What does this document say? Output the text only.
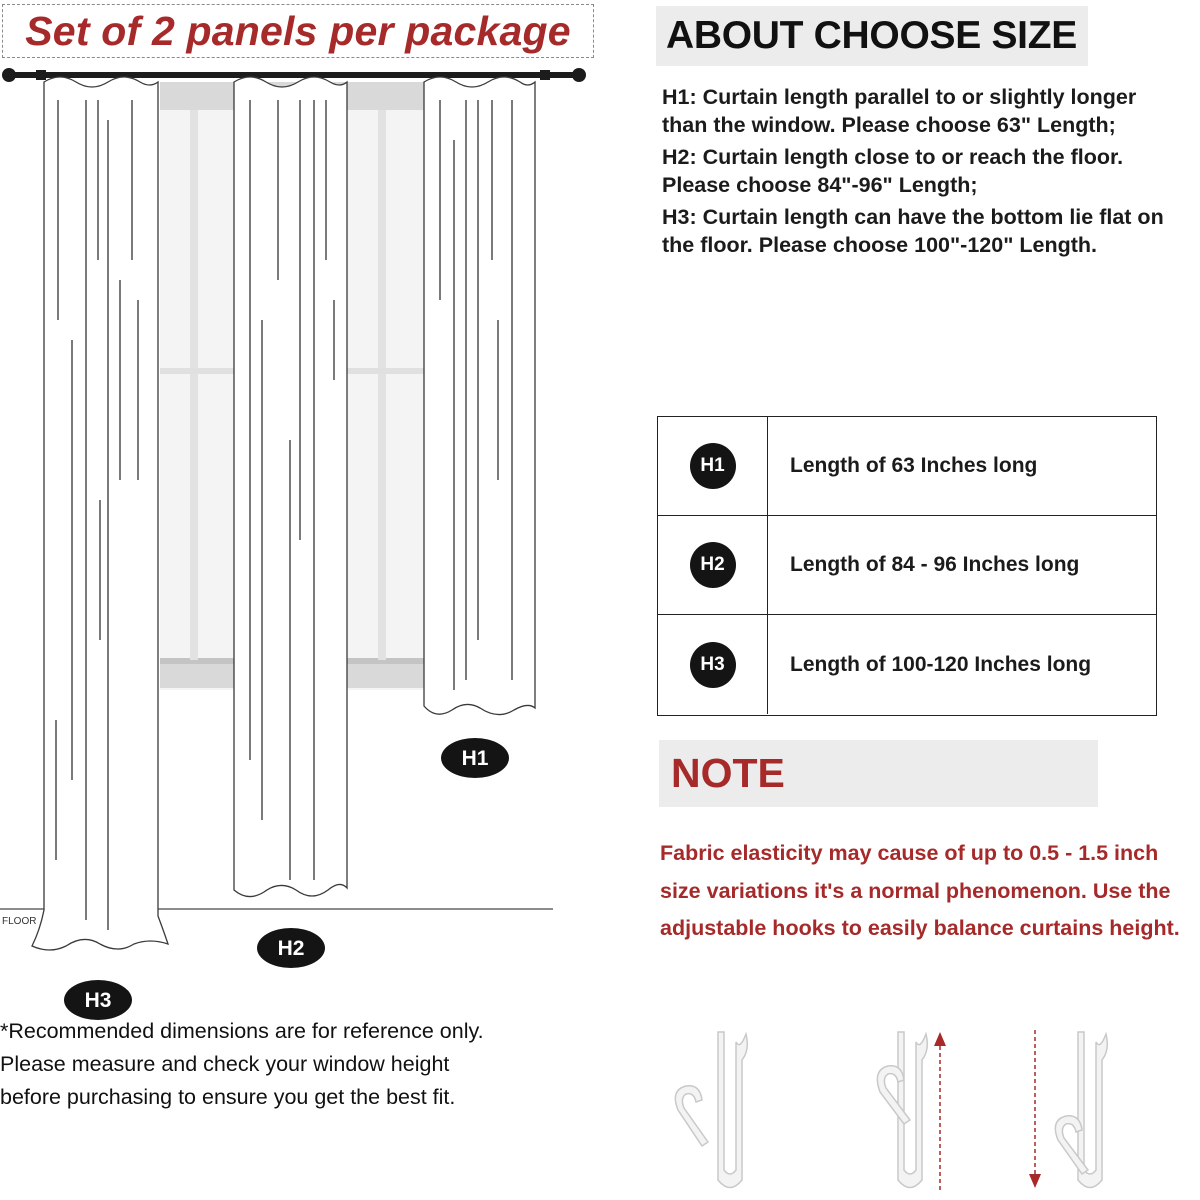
Set of 2 panels per package
FLOOR
H1
H2
H3
*Recommended dimensions are for reference only. Please measure and check your window height before purchasing to ensure you get the best fit.
ABOUT CHOOSE SIZE

H1: Curtain length parallel to or slightly longer than the window. Please choose 63" Length;

H2: Curtain length close to or reach the floor. Please choose 84"-96" Length;

H3: Curtain length can have the bottom lie flat on the floor. Please choose 100"-120" Length.

H1	Length of 63 Inches long
H2	Length of 84 - 96 Inches long
H3	Length of 100-120 Inches long
NOTE
Fabric elasticity may cause of up to 0.5 - 1.5 inch size variations it's a normal phenomenon. Use the adjustable hooks to easily balance curtains height.
